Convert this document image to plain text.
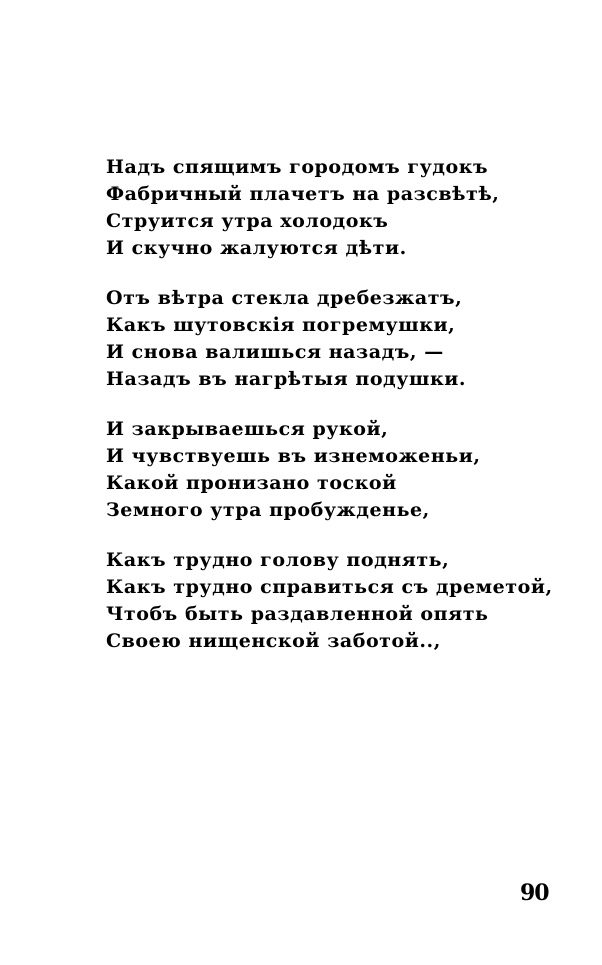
Надъ спящимъ городомъ гудокъ
Фабричный плачетъ на разсвѣтѣ,
Струится утра холодокъ
И скучно жалуются дѣти.
Отъ вѣтра стекла дребезжатъ,
Какъ шутовскія погремушки,
И снова валишься назадъ, —
Назадъ въ нагрѣтыя подушки.
И закрываешься рукой,
И чувствуешь въ изнеможеньи,
Какой пронизано тоской
Земного утра пробужденье,
Какъ трудно голову поднять,
Какъ трудно справиться съ дреметой,
Чтобъ быть раздавленной опять
Своею нищенской заботой..,
90
